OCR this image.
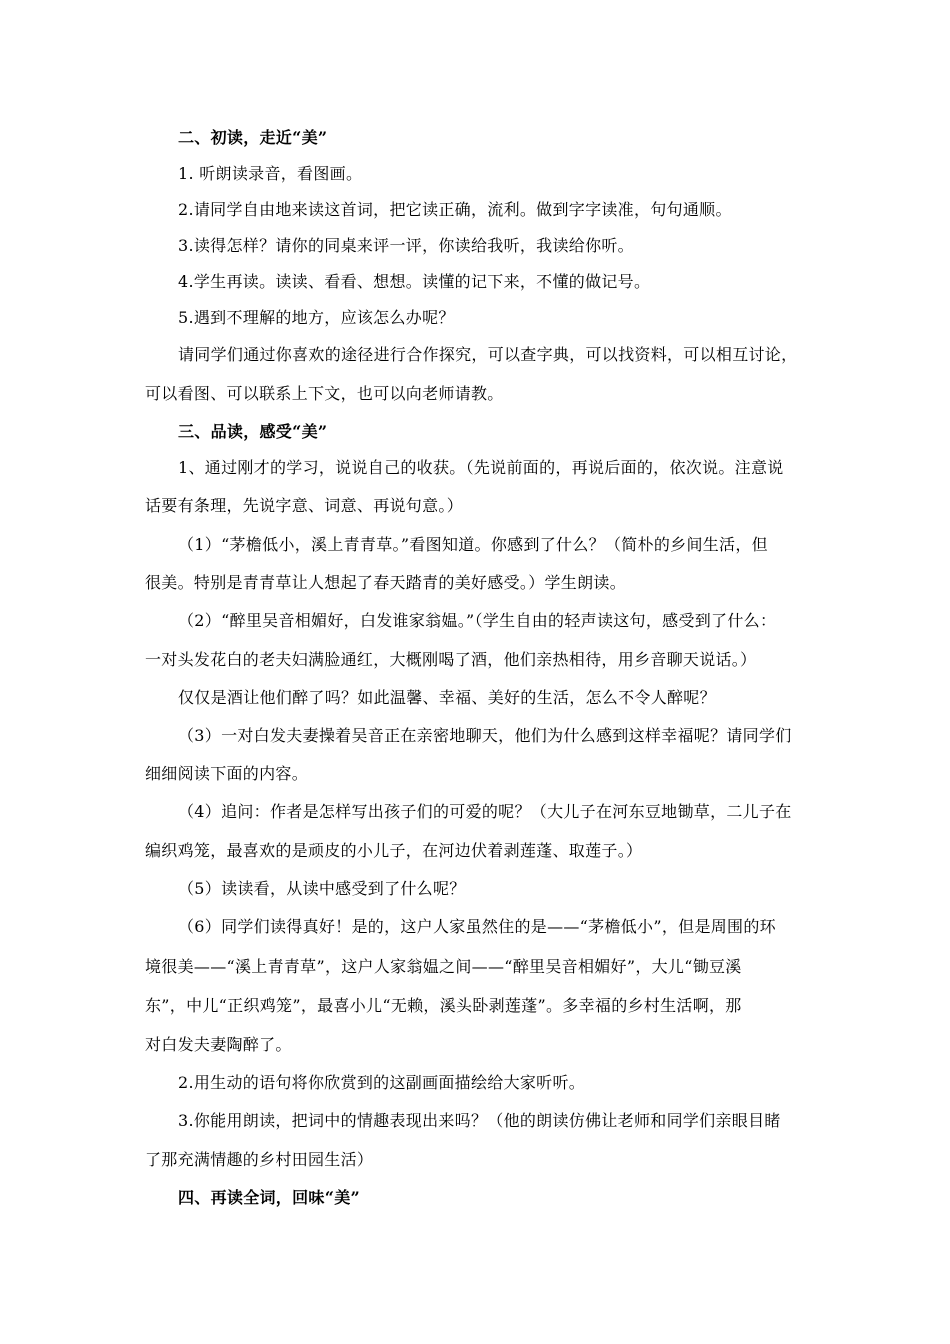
二、初读，走近“美”
1. 听朗读录音，看图画。
2.请同学自由地来读这首词，把它读正确，流利。做到字字读准，句句通顺。
3.读得怎样？请你的同桌来评一评，你读给我听，我读给你听。
4.学生再读。读读、看看、想想。读懂的记下来，不懂的做记号。
5.遇到不理解的地方，应该怎么办呢？
请同学们通过你喜欢的途径进行合作探究，可以查字典，可以找资料，可以相互讨论，
可以看图、可以联系上下文，也可以向老师请教。
三、品读，感受“美”
1、通过刚才的学习，说说自己的收获。（先说前面的，再说后面的，依次说。注意说
话要有条理，先说字意、词意、再说句意。）
（1）“茅檐低小，溪上青青草。”看图知道。你感到了什么？（简朴的乡间生活，但
很美。特别是青青草让人想起了春天踏青的美好感受。）学生朗读。
（2）“醉里吴音相媚好，白发谁家翁媪。”（学生自由的轻声读这句，感受到了什么：
一对头发花白的老夫妇满脸通红，大概刚喝了酒，他们亲热相待，用乡音聊天说话。）
仅仅是酒让他们醉了吗？如此温馨、幸福、美好的生活，怎么不令人醉呢？
（3）一对白发夫妻操着吴音正在亲密地聊天，他们为什么感到这样幸福呢？请同学们
细细阅读下面的内容。
（4）追问：作者是怎样写出孩子们的可爱的呢？（大儿子在河东豆地锄草，二儿子在
编织鸡笼，最喜欢的是顽皮的小儿子，在河边伏着剥莲蓬、取莲子。）
（5）读读看，从读中感受到了什么呢？
（6）同学们读得真好！是的，这户人家虽然住的是——“茅檐低小”，但是周围的环
境很美——“溪上青青草”，这户人家翁媪之间——“醉里吴音相媚好”，大儿“锄豆溪
东”，中儿“正织鸡笼”，最喜小儿“无赖，溪头卧剥莲蓬”。多幸福的乡村生活啊，那
对白发夫妻陶醉了。
2.用生动的语句将你欣赏到的这副画面描绘给大家听听。
3.你能用朗读，把词中的情趣表现出来吗？（他的朗读仿佛让老师和同学们亲眼目睹
了那充满情趣的乡村田园生活）
四、再读全词，回味“美”
